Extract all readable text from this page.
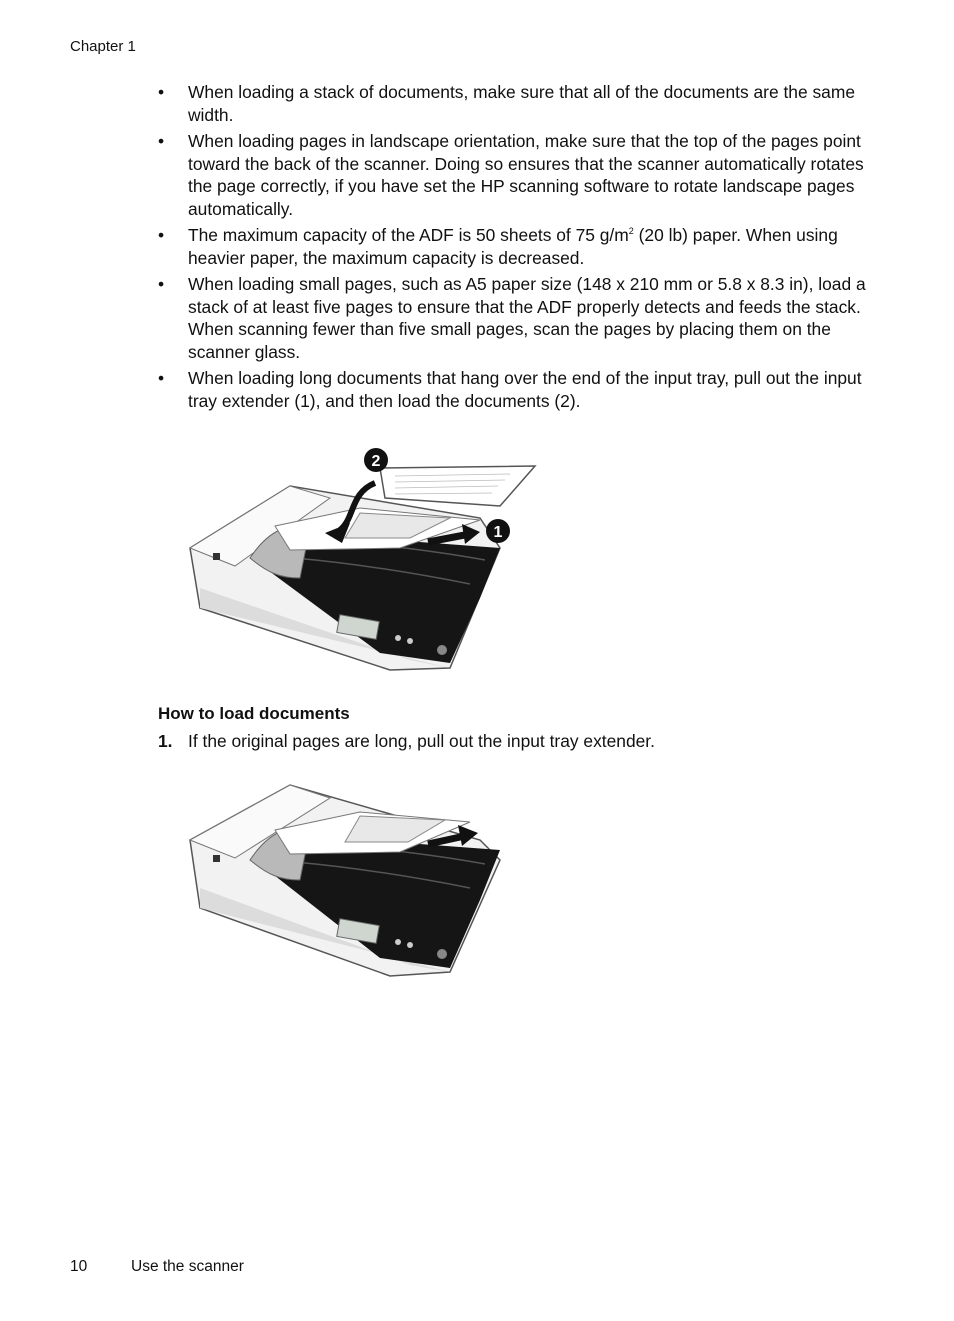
Chapter 1
• When loading a stack of documents, make sure that all of the documents are the same width.
• When loading pages in landscape orientation, make sure that the top of the pages point toward the back of the scanner. Doing so ensures that the scanner automatically rotates the page correctly, if you have set the HP scanning software to rotate landscape pages automatically.
• The maximum capacity of the ADF is 50 sheets of 75 $g/m^2$ (20 lb) paper. When using heavier paper, the maximum capacity is decreased.
• When loading small pages, such as A5 paper size (148 x 210 mm or 5.8 x 8.3 in), load a stack of at least five pages to ensure that the ADF properly detects and feeds the stack. When scanning fewer than five small pages, scan the pages by placing them on the scanner glass.
• When loading long documents that hang over the end of the input tray, pull out the input tray extender (1), and then load the documents (2).
2
1
How to load documents
1. If the original pages are long, pull out the input tray extender.
10	Use the scanner
